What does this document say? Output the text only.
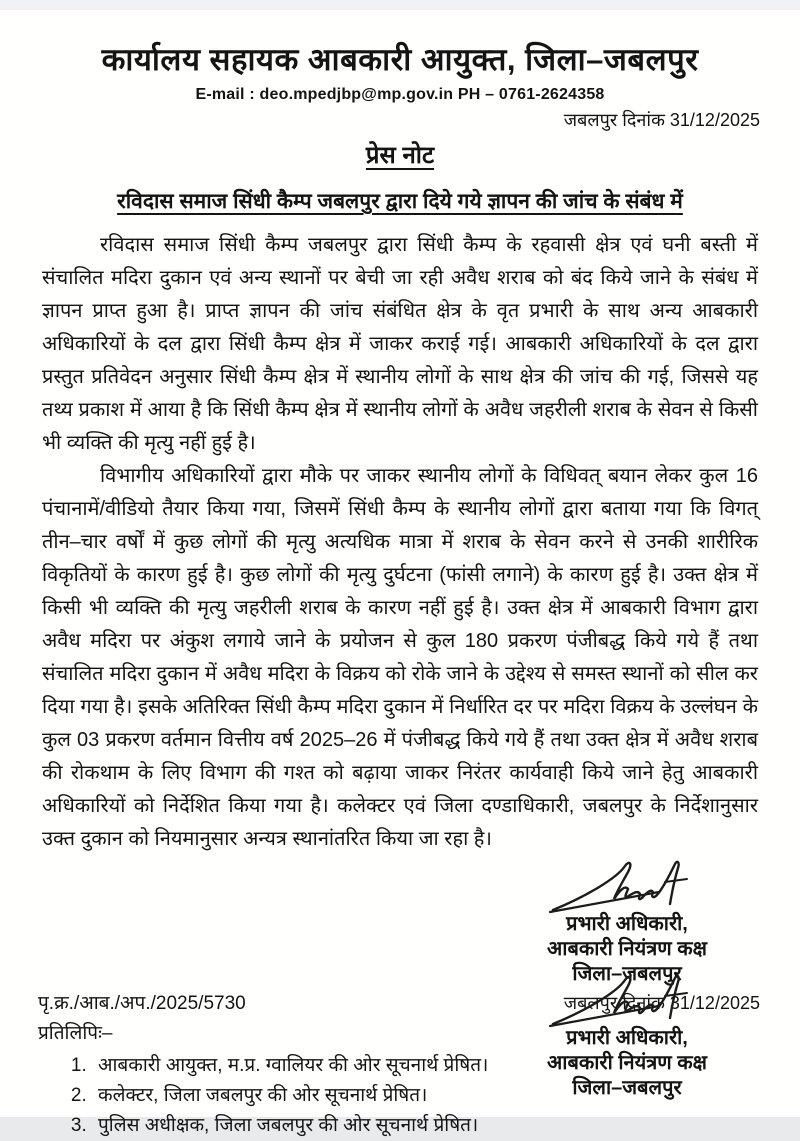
कार्यालय सहायक आबकारी आयुक्त, जिला–जबलपुर
E-mail : deo.mpedjbp@mp.gov.in PH – 0761-2624358
जबलपुर दिनांक 31/12/2025
प्रेस नोट
रविदास समाज सिंधी कैम्प जबलपुर द्वारा दिये गये ज्ञापन की जांच के संबंध में

रविदास समाज सिंधी कैम्प जबलपुर द्वारा सिंधी कैम्प के रहवासी क्षेत्र एवं घनी बस्ती में संचालित मदिरा दुकान एवं अन्य स्थानों पर बेची जा रही अवैध शराब को बंद किये जाने के संबंध में ज्ञापन प्राप्त हुआ है। प्राप्त ज्ञापन की जांच संबंधित क्षेत्र के वृत प्रभारी के साथ अन्य आबकारी अधिकारियों के दल द्वारा सिंधी कैम्प क्षेत्र में जाकर कराई गई। आबकारी अधिकारियों के दल द्वारा प्रस्तुत प्रतिवेदन अनुसार सिंधी कैम्प क्षेत्र में स्थानीय लोगों के साथ क्षेत्र की जांच की गई, जिससे यह तथ्य प्रकाश में आया है कि सिंधी कैम्प क्षेत्र में स्थानीय लोगों के अवैध जहरीली शराब के सेवन से किसी भी व्यक्ति की मृत्यु नहीं हुई है।

विभागीय अधिकारियों द्वारा मौके पर जाकर स्थानीय लोगों के विधिवत् बयान लेकर कुल 16 पंचानामें/वीडियो तैयार किया गया, जिसमें सिंधी कैम्प के स्थानीय लोगों द्वारा बताया गया कि विगत् तीन–चार वर्षों में कुछ लोगों की मृत्यु अत्यधिक मात्रा में शराब के सेवन करने से उनकी शारीरिक विकृतियों के कारण हुई है। कुछ लोगों की मृत्यु दुर्घटना (फांसी लगाने) के कारण हुई है। उक्त क्षेत्र में किसी भी व्यक्ति की मृत्यु जहरीली शराब के कारण नहीं हुई है। उक्त क्षेत्र में आबकारी विभाग द्वारा अवैध मदिरा पर अंकुश लगाये जाने के प्रयोजन से कुल 180 प्रकरण पंजीबद्ध किये गये हैं तथा संचालित मदिरा दुकान में अवैध मदिरा के विक्रय को रोके जाने के उद्देश्य से समस्त स्थानों को सील कर दिया गया है। इसके अतिरिक्त सिंधी कैम्प मदिरा दुकान में निर्धारित दर पर मदिरा विक्रय के उल्लंघन के कुल 03 प्रकरण वर्तमान वित्तीय वर्ष 2025–26 में पंजीबद्ध किये गये हैं तथा उक्त क्षेत्र में अवैध शराब की रोकथाम के लिए विभाग की गश्त को बढ़ाया जाकर निरंतर कार्यवाही किये जाने हेतु आबकारी अधिकारियों को निर्देशित किया गया है। कलेक्टर एवं जिला दण्डाधिकारी, जबलपुर के निर्देशानुसार उक्त दुकान को नियमानुसार अन्यत्र स्थानांतरित किया जा रहा है।

प्रभारी अधिकारी,
आबकारी नियंत्रण कक्ष
जिला–जबलपुर
पृ.क्र./आब./अप./2025/5730	जबलपुर दिनांक 31/12/2025
प्रतिलिपिः–
1. आबकारी आयुक्त, म.प्र. ग्वालियर की ओर सूचनार्थ प्रेषित।
2. कलेक्टर, जिला जबलपुर की ओर सूचनार्थ प्रेषित।
3. पुलिस अधीक्षक, जिला जबलपुर की ओर सूचनार्थ प्रेषित।
प्रभारी अधिकारी,
आबकारी नियंत्रण कक्ष
जिला–जबलपुर
